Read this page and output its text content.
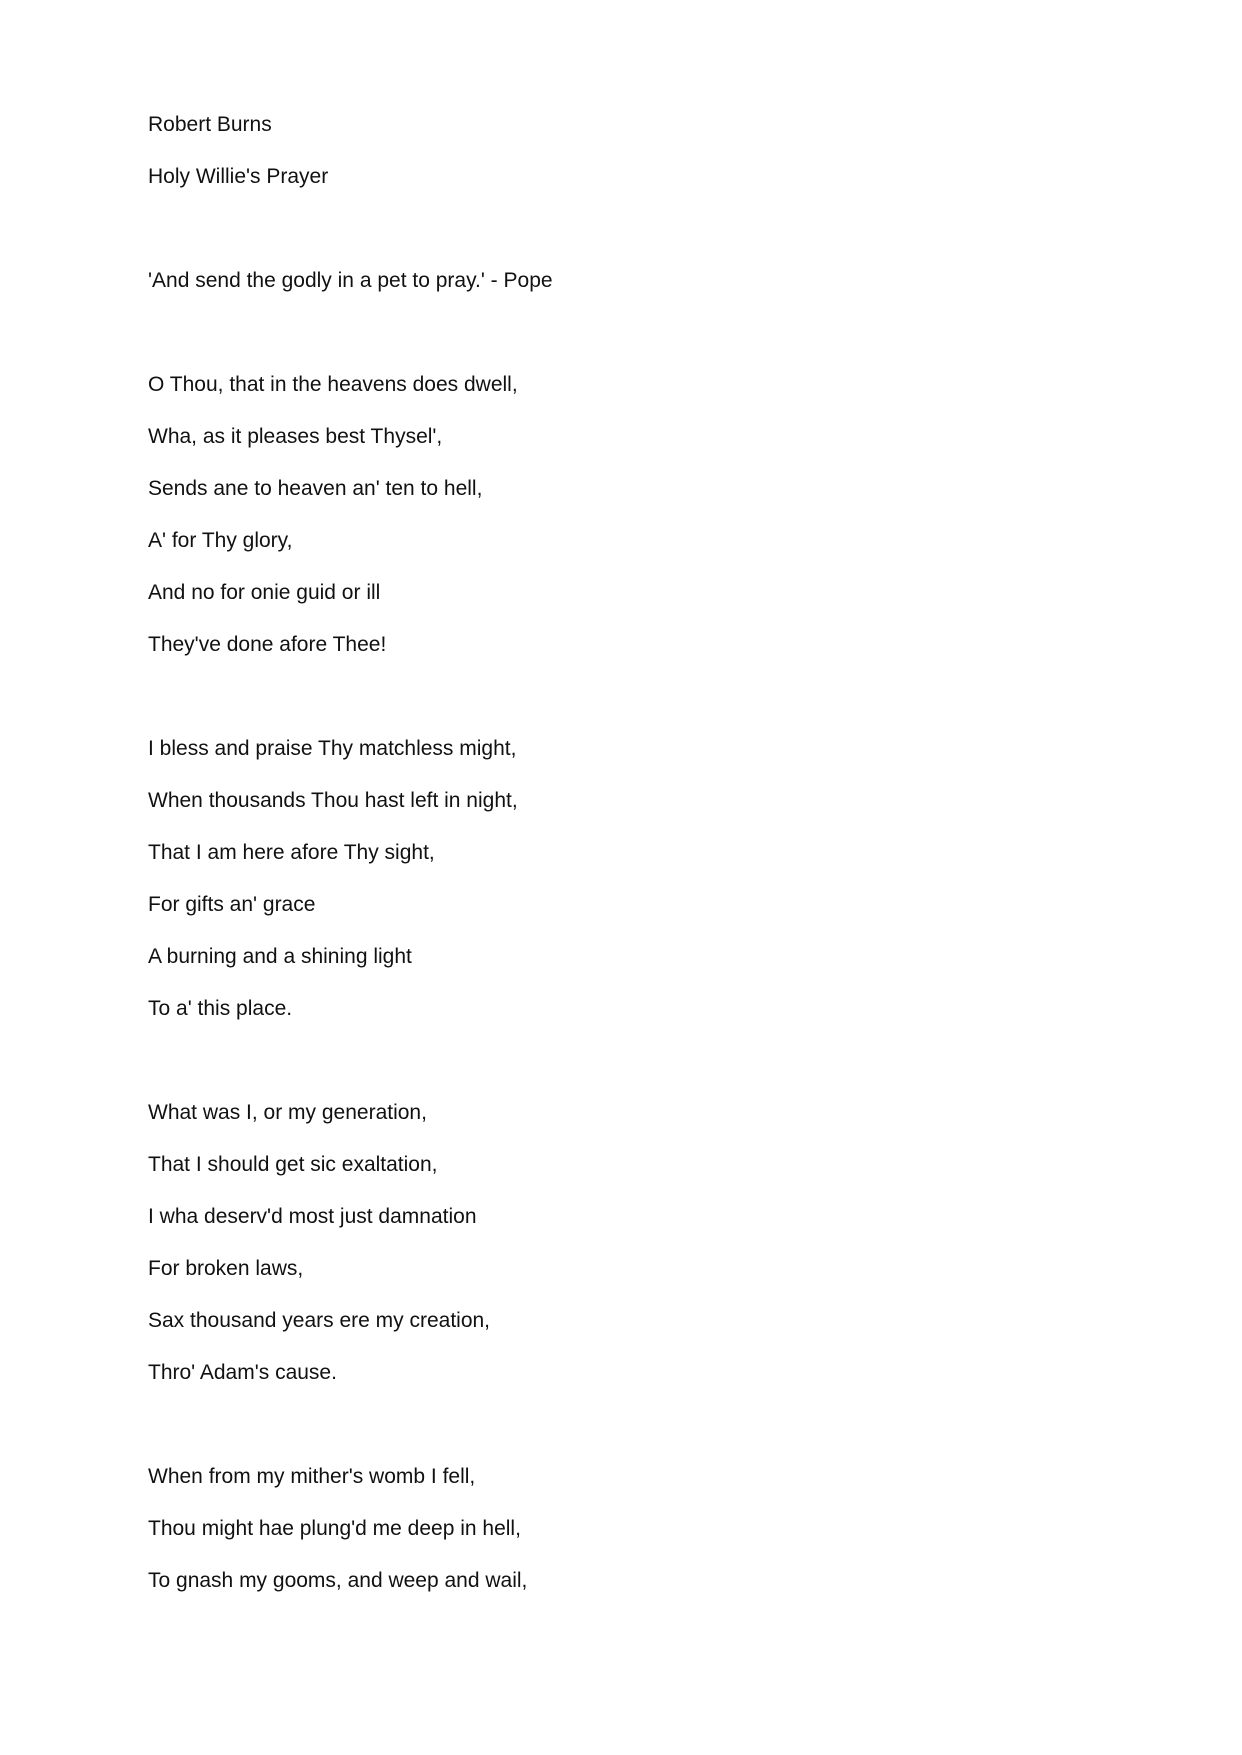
Robert Burns
Holy Willie's Prayer
'And send the godly in a pet to pray.' - Pope
O Thou, that in the heavens does dwell,
Wha, as it pleases best Thysel',
Sends ane to heaven an' ten to hell,
A' for Thy glory,
And no for onie guid or ill
They've done afore Thee!
I bless and praise Thy matchless might,
When thousands Thou hast left in night,
That I am here afore Thy sight,
For gifts an' grace
A burning and a shining light
To a' this place.
What was I, or my generation,
That I should get sic exaltation,
I wha deserv'd most just damnation
For broken laws,
Sax thousand years ere my creation,
Thro' Adam's cause.
When from my mither's womb I fell,
Thou might hae plung'd me deep in hell,
To gnash my gooms, and weep and wail,
